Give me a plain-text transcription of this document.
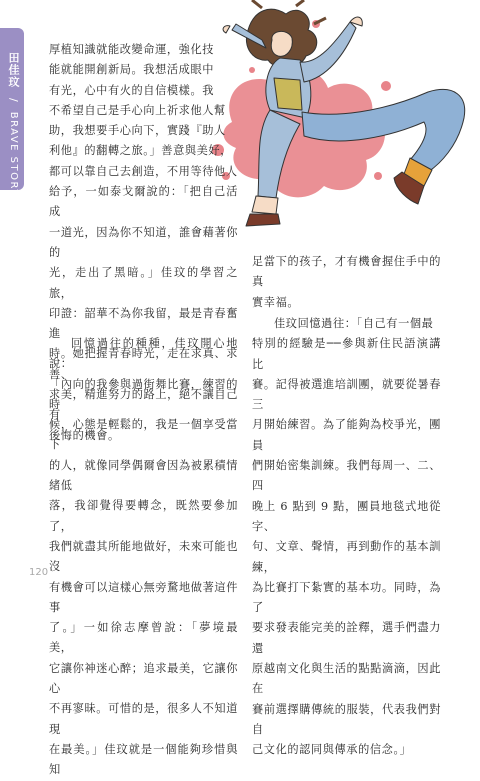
田佳玟 / BRAVE STORY

厚植知識就能改變命運，強化技
能就能開創新局。我想活成眼中
有光，心中有火的自信模樣。我
不希望自己是手心向上祈求他人幫
助，我想要手心向下，實踐『助人
利他』的翻轉之旅。」善意與美好，
都可以靠自己去創造，不用等待他人
給予，一如泰戈爾說的：「把自己活成
一道光，因為你不知道，誰會藉著你的
光，走出了黑暗。」佳玟的學習之旅，
印證：韶華不為你我留，最是青春奮進
時。她把握青春時光，走在求真、求善、
求美，精進努力的路上，絕不讓自己有
後悔的機會。

回憶過往的種種，佳玟開心地說：
「內向的我參與過街舞比賽，練習的時
候，心態是輕鬆的，我是一個享受當下
的人，就像同學偶爾會因為被累積情緒低
落，我卻覺得要轉念，既然要參加了，
我們就盡其所能地做好，未來可能也沒
有機會可以這樣心無旁騖地做著這件事
了。」一如徐志摩曾說：「夢境最美，
它讓你神迷心醉；追求最美，它讓你心
不再寥昧。可惜的是，很多人不知道現
在最美。」佳玟就是一個能夠珍惜與知

足當下的孩子，才有機會握住手中的真
實幸福。

佳玟回憶過往：「自己有一個最
特別的經驗是──參與新住民語演講比
賽。記得被選進培訓團，就要從暑春三
月開始練習。為了能夠為校爭光，團員
們開始密集訓練。我們每周一、二、四
晚上 6 點到 9 點，團員地毯式地從字、
句、文章、聲情，再到動作的基本訓練，
為比賽打下紮實的基本功。同時，為了
要求發表能完美的詮釋，選手們盡力還
原越南文化與生活的點點滴滴，因此在
賽前選擇購傳統的服裝，代表我們對自
己文化的認同與傳承的信念。」

120
